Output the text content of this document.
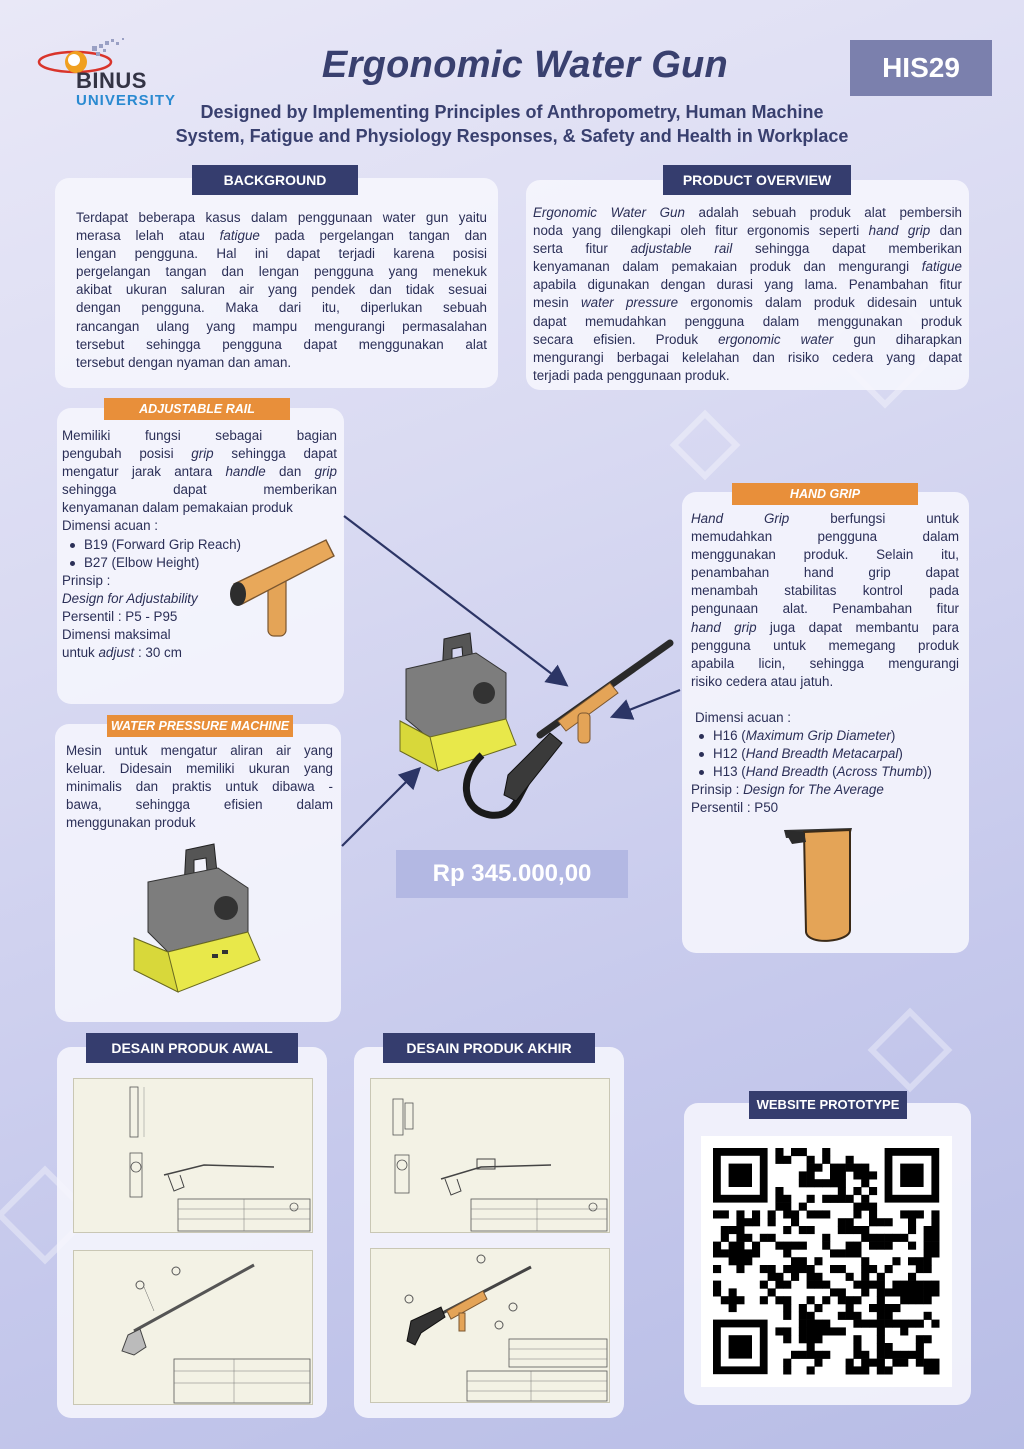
BINUS
UNIVERSITY
Ergonomic Water Gun
Designed by Implementing Principles of Anthropometry, Human Machine
System, Fatigue and Physiology Responses, & Safety and Health in Workplace
HIS29
BACKGROUND
Terdapat beberapa kasus dalam penggunaan water gun yaitu
merasa lelah atau fatigue pada pergelangan tangan dan
lengan pengguna. Hal ini dapat terjadi karena posisi
pergelangan tangan dan lengan pengguna yang menekuk
akibat ukuran saluran air yang pendek dan tidak sesuai
dengan pengguna. Maka dari itu, diperlukan sebuah
rancangan ulang yang mampu mengurangi permasalahan
tersebut sehingga pengguna dapat menggunakan alat
tersebut dengan nyaman dan aman.
PRODUCT OVERVIEW
Ergonomic Water Gun adalah sebuah produk alat pembersih
noda yang dilengkapi oleh fitur ergonomis seperti hand grip dan
serta fitur adjustable rail sehingga dapat memberikan
kenyamanan dalam pemakaian produk dan mengurangi fatigue
apabila digunakan dengan durasi yang lama. Penambahan fitur
mesin water pressure ergonomis dalam produk didesain untuk
dapat memudahkan pengguna dalam menggunakan produk
secara efisien. Produk ergonomic water gun diharapkan
mengurangi berbagai kelelahan dan risiko cedera yang dapat
terjadi pada penggunaan produk.
ADJUSTABLE RAIL
Memiliki fungsi sebagai bagian
pengubah posisi grip sehingga dapat
mengatur jarak antara handle dan grip
sehingga dapat memberikan
kenyamanan dalam pemakaian produk
Dimensi acuan :
B19 (Forward Grip Reach)
B27 (Elbow Height)
Prinsip :
Design for Adjustability
Persentil : P5 - P95
Dimensi maksimal
untuk adjust : 30 cm
WATER PRESSURE MACHINE
Mesin untuk mengatur aliran air yang
keluar. Didesain memiliki ukuran yang
minimalis dan praktis untuk dibawa -
bawa, sehingga efisien dalam
menggunakan produk
Rp 345.000,00
HAND GRIP
Hand Grip berfungsi untuk
memudahkan pengguna dalam
menggunakan produk. Selain itu,
penambahan hand grip dapat
menambah stabilitas kontrol pada
pengunaan alat. Penambahan fitur
hand grip juga dapat membantu para
pengguna untuk memegang produk
apabila licin, sehingga mengurangi
risiko cedera atau jatuh.
Dimensi acuan :
H16 (Maximum Grip Diameter)
H12 (Hand Breadth Metacarpal)
H13 (Hand Breadth (Across Thumb))
Prinsip : Design for The Average
Persentil : P50
DESAIN PRODUK AWAL	DESAIN PRODUK AKHIR
WEBSITE PROTOTYPE
